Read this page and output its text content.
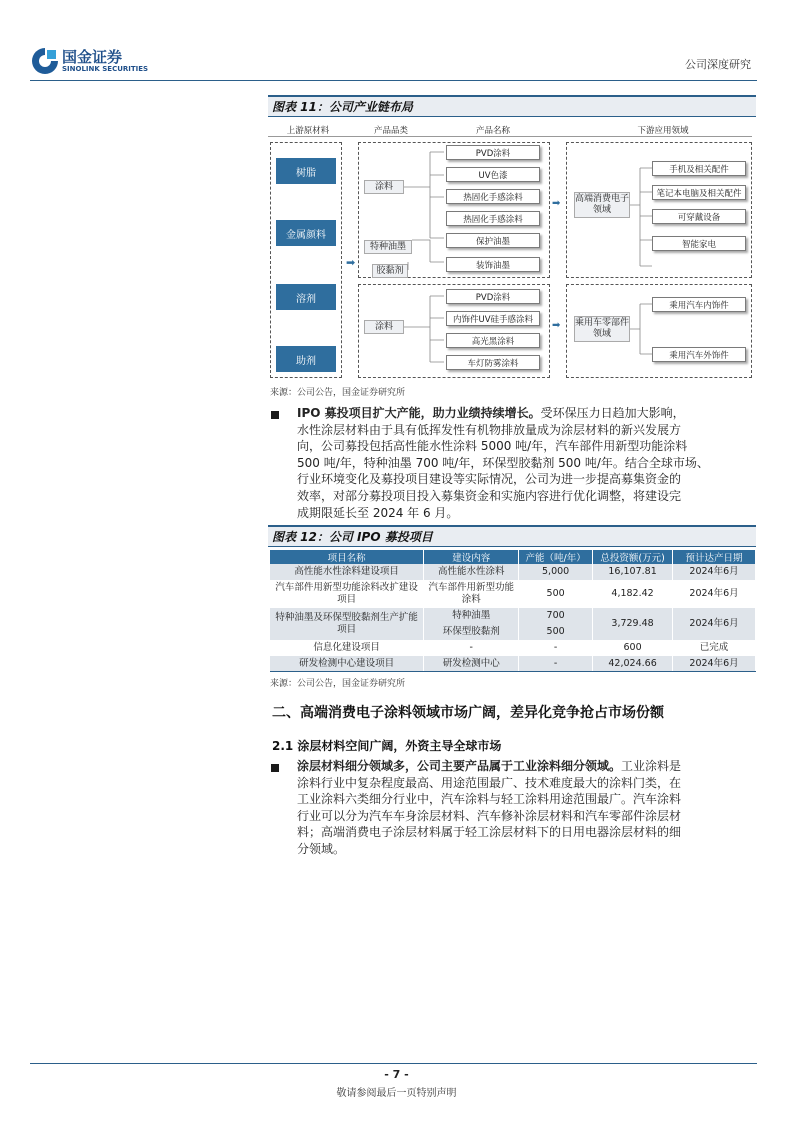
国金证券
SINOLINK SECURITIES	公司深度研究
图表 11：公司产业链布局
上游原材料	产品品类	产品名称	下游应用领域
树脂
金属颜料
溶剂
助剂
➡
涂料
特种油墨
胶黏剂
PVD涂料
UV色漆
热固化手感涂料
热固化手感涂料
保护油墨
装饰油墨
涂料
PVD涂料
内饰件UV硅手感涂料
高光黑涂料
车灯防雾涂料
➡
➡
高端消费电子领域
手机及相关配件
笔记本电脑及相关配件
可穿戴设备
智能家电
乘用车零部件领域
乘用汽车内饰件
乘用汽车外饰件
来源：公司公告，国金证券研究所
IPO 募投项目扩大产能，助力业绩持续增长。受环保压力日趋加大影响，
水性涂层材料由于具有低挥发性有机物排放量成为涂层材料的新兴发展方
向，公司募投包括高性能水性涂料 5000 吨/年，汽车部件用新型功能涂料
500 吨/年，特种油墨 700 吨/年，环保型胶黏剂 500 吨/年。结合全球市场、
行业环境变化及募投项目建设等实际情况，公司为进一步提高募集资金的
效率，对部分募投项目投入募集资金和实施内容进行优化调整，将建设完
成期限延长至 2024 年 6 月。
图表 12：公司 IPO 募投项目
项目名称	建设内容	产能（吨/年）	总投资额(万元)	预计达产日期
高性能水性涂料建设项目	高性能水性涂料	5,000	16,107.81	2024年6月
汽车部件用新型功能涂料改扩建设项目	汽车部件用新型功能涂料	500	4,182.42	2024年6月
特种油墨及环保型胶黏剂生产扩能项目	特种油墨	700	3,729.48	2024年6月
	环保型胶黏剂	500		
信息化建设项目	-	-	600	已完成
研发检测中心建设项目	研发检测中心	-	42,024.66	2024年6月
来源：公司公告，国金证券研究所
二、高端消费电子涂料领域市场广阔，差异化竞争抢占市场份额
2.1 涂层材料空间广阔，外资主导全球市场
涂层材料细分领域多，公司主要产品属于工业涂料细分领域。工业涂料是
涂料行业中复杂程度最高、用途范围最广、技术难度最大的涂料门类，在
工业涂料六类细分行业中，汽车涂料与轻工涂料用途范围最广。汽车涂料
行业可以分为汽车车身涂层材料、汽车修补涂层材料和汽车零部件涂层材
料；高端消费电子涂层材料属于轻工涂层材料下的日用电器涂层材料的细
分领域。
- 7 -
敬请参阅最后一页特别声明
